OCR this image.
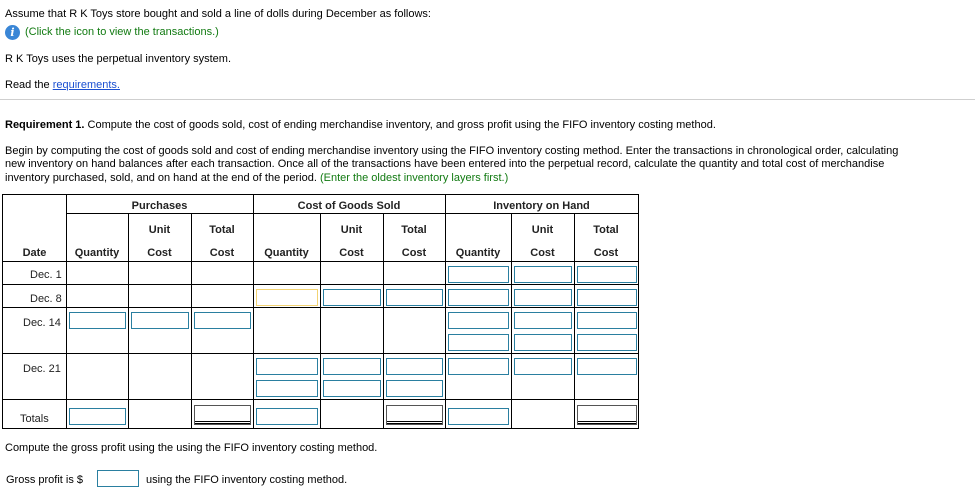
Assume that R K Toys store bought and sold a line of dolls during December as follows:
i (Click the icon to view the transactions.)
R K Toys uses the perpetual inventory system.
Read the requirements.
Requirement 1. Compute the cost of goods sold, cost of ending merchandise inventory, and gross profit using the FIFO inventory costing method.
Begin by computing the cost of goods sold and cost of ending merchandise inventory using the FIFO inventory costing method. Enter the transactions in chronological order, calculating
new inventory on hand balances after each transaction. Once all of the transactions have been entered into the perpetual record, calculate the quantity and total cost of merchandise
inventory purchased, sold, and on hand at the end of the period. (Enter the oldest inventory layers first.)
Purchases	Cost of Goods Sold	Inventory on Hand
Unit	Total	Unit	Total	Unit	Total
Date	Quantity	Cost	Cost	Quantity	Cost	Cost	Quantity	Cost	Cost
Dec. 1
Dec. 8
Dec. 14
Dec. 21
Totals
Compute the gross profit using the using the FIFO inventory costing method.
Gross profit is $	using the FIFO inventory costing method.
